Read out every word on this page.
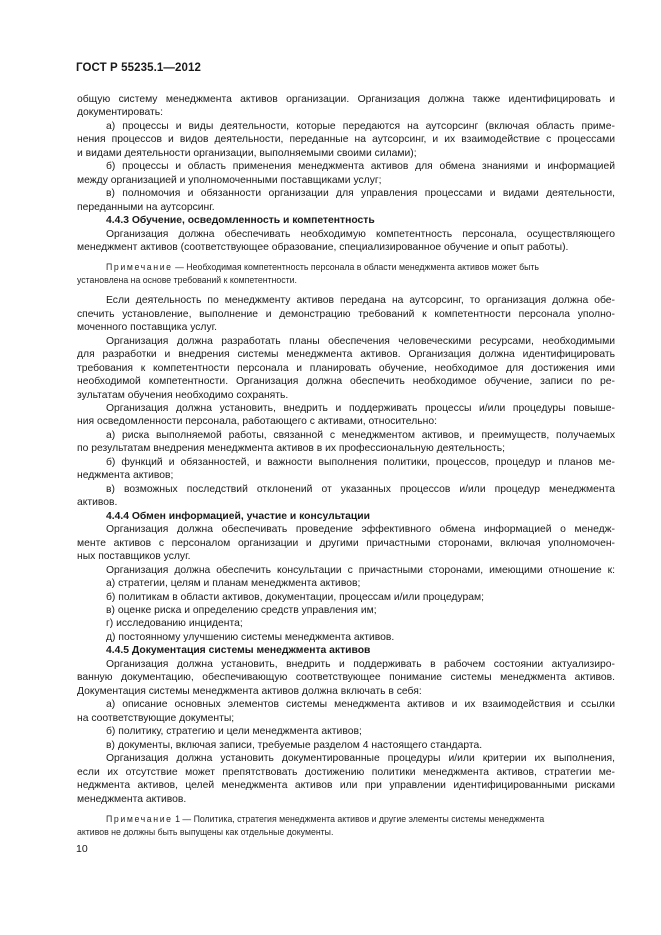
ГОСТ Р 55235.1—2012

общую систему менеджмента активов организации. Организация должна также идентифицировать и

документировать:

а) процессы и виды деятельности, которые передаются на аутсорсинг (включая область приме-

нения процессов и видов деятельности, переданные на аутсорсинг, и их взаимодействие с процессами

и видами деятельности организации, выполняемыми своими силами);

б) процессы и область применения менеджмента активов для обмена знаниями и информацией

между организацией и уполномоченными поставщиками услуг;

в) полномочия и обязанности организации для управления процессами и видами деятельности,

переданными на аутсорсинг.

4.4.3 Обучение, осведомленность и компетентность

Организация должна обеспечивать необходимую компетентность персонала, осуществляющего

менеджмент активов (соответствующее образование, специализированное обучение и опыт работы).

Примечание — Необходимая компетентность персонала в области менеджмента активов может быть
установлена на основе требований к компетентности.

Если деятельность по менеджменту активов передана на аутсорсинг, то организация должна обе-

спечить установление, выполнение и демонстрацию требований к компетентности персонала уполно-

моченного поставщика услуг.

Организация должна разработать планы обеспечения человеческими ресурсами, необходимыми

для разработки и внедрения системы менеджмента активов. Организация должна идентифицировать

требования к компетентности персонала и планировать обучение, необходимое для достижения ими

необходимой компетентности. Организация должна обеспечить необходимое обучение, записи по ре-

зультатам обучения необходимо сохранять.

Организация должна установить, внедрить и поддерживать процессы и/или процедуры повыше-

ния осведомленности персонала, работающего с активами, относительно:

а) риска выполняемой работы, связанной с менеджментом активов, и преимуществ, получаемых

по результатам внедрения менеджмента активов в их профессиональную деятельность;

б) функций и обязанностей, и важности выполнения политики, процессов, процедур и планов ме-

неджмента активов;

в) возможных последствий отклонений от указанных процессов и/или процедур менеджмента

активов.

4.4.4 Обмен информацией, участие и консультации

Организация должна обеспечивать проведение эффективного обмена информацией о менедж-

менте активов с персоналом организации и другими причастными сторонами, включая уполномочен-

ных поставщиков услуг.

Организация должна обеспечить консультации с причастными сторонами, имеющими отношение к:

а) стратегии, целям и планам менеджмента активов;

б) политикам в области активов, документации, процессам и/или процедурам;

в) оценке риска и определению средств управления им;

г) исследованию инцидента;

д) постоянному улучшению системы менеджмента активов.

4.4.5 Документация системы менеджмента активов

Организация должна установить, внедрить и поддерживать в рабочем состоянии актуализиро-

ванную документацию, обеспечивающую соответствующее понимание системы менеджмента активов.

Документация системы менеджмента активов должна включать в себя:

а) описание основных элементов системы менеджмента активов и их взаимодействия и ссылки

на соответствующие документы;

б) политику, стратегию и цели менеджмента активов;

в) документы, включая записи, требуемые разделом 4 настоящего стандарта.

Организация должна установить документированные процедуры и/или критерии их выполнения,

если их отсутствие может препятствовать достижению политики менеджмента активов, стратегии ме-

неджмента активов, целей менеджмента активов или при управлении идентифицированными рисками

менеджмента активов.

Примечание 1 — Политика, стратегия менеджмента активов и другие элементы системы менеджмента
активов не должны быть выпущены как отдельные документы.

10
